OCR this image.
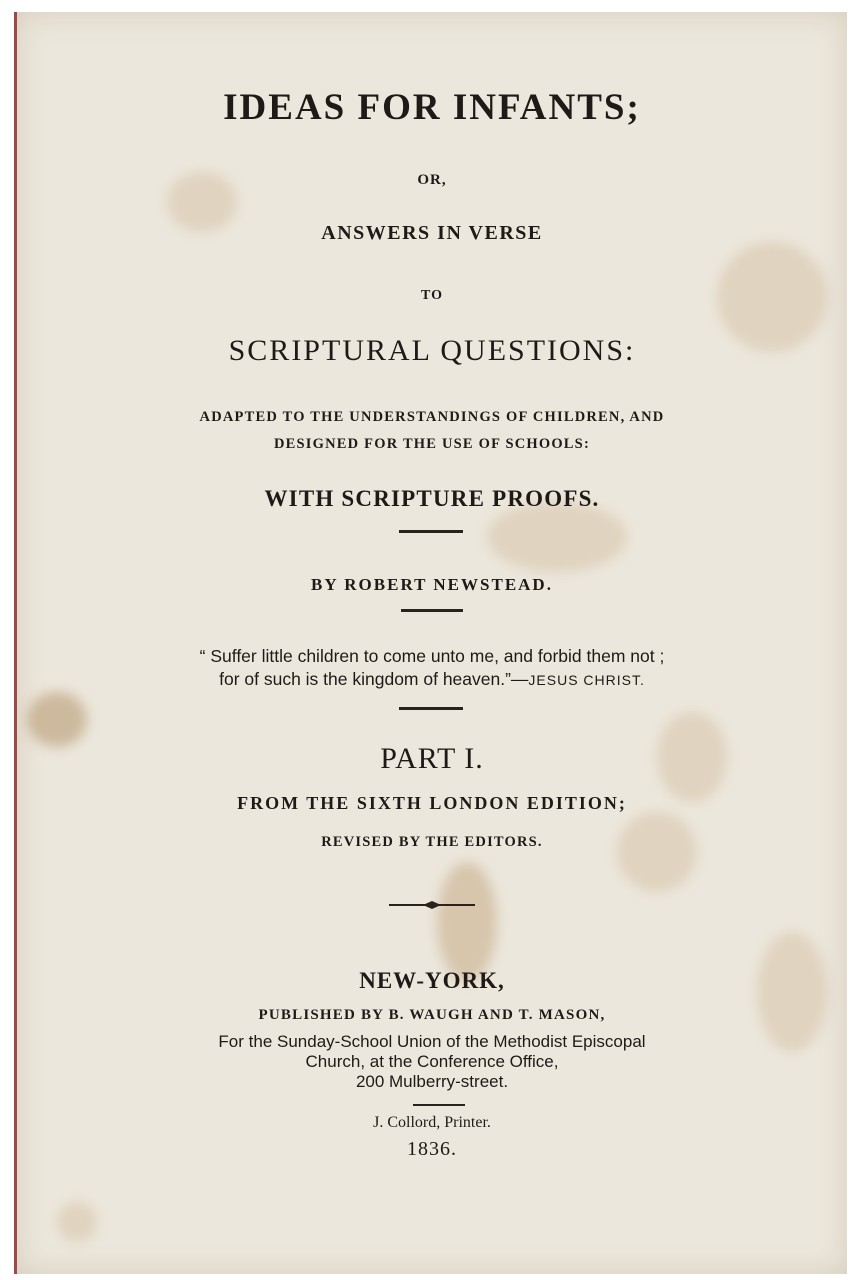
IDEAS FOR INFANTS;
OR,
ANSWERS IN VERSE
TO
SCRIPTURAL QUESTIONS:
ADAPTED TO THE UNDERSTANDINGS OF CHILDREN, AND
DESIGNED FOR THE USE OF SCHOOLS:
WITH SCRIPTURE PROOFS.
BY ROBERT NEWSTEAD.
“ Suffer little children to come unto me, and forbid them not ;
for of such is the kingdom of heaven.”—JESUS CHRIST.
PART I.
FROM THE SIXTH LONDON EDITION;
REVISED BY THE EDITORS.
NEW-YORK,
PUBLISHED BY B. WAUGH AND T. MASON,
For the Sunday-School Union of the Methodist Episcopal
Church, at the Conference Office,
200 Mulberry-street.
J. Collord, Printer.
1836.
